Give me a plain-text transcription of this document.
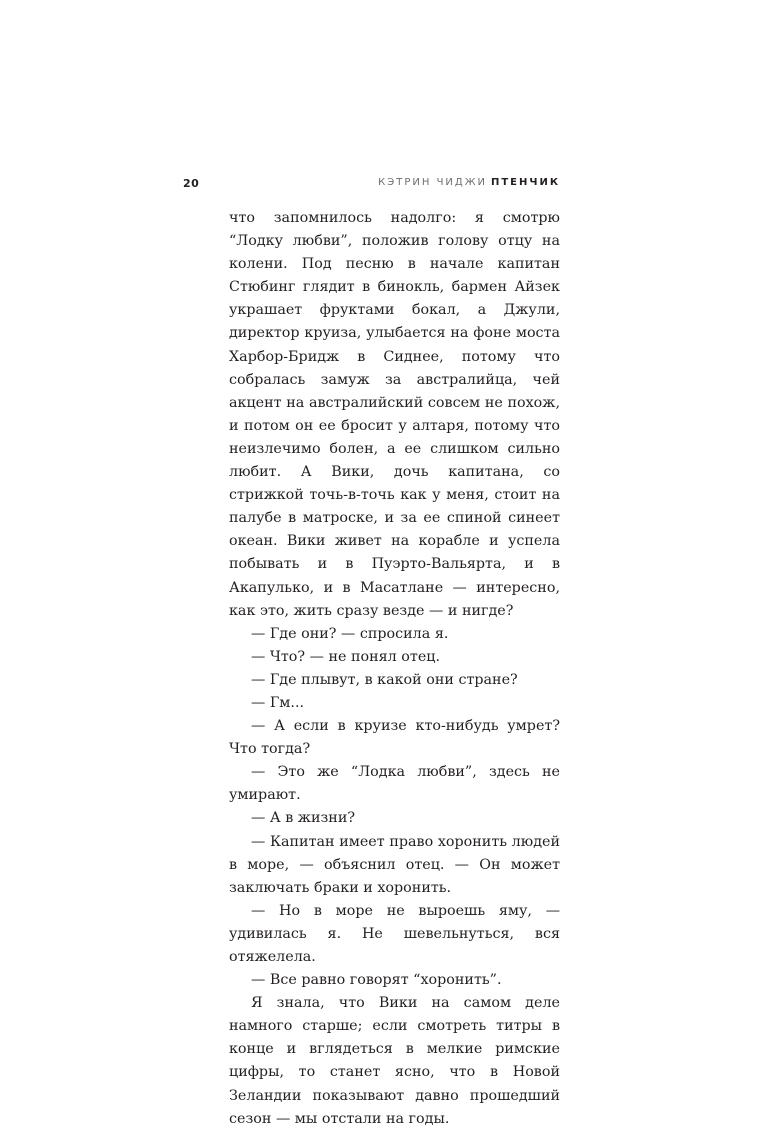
20	КЭТРИН ЧИДЖИ ПТЕНЧИК

что запомнилось надолго: я смотрю “Лодку любви”, положив голову отцу на колени. Под песню в начале капитан Стюбинг глядит в бинокль, бармен Айзек украшает фруктами бокал, а Джули, директор круиза, улыбается на фоне моста Харбор-Бридж в Сиднее, потому что собралась замуж за австралийца, чей акцент на австралийский совсем не похож, и потом он ее бросит у алтаря, потому что неизлечимо болен, а ее слишком сильно любит. А Вики, дочь капитана, со стрижкой точь-в-точь как у меня, стоит на палубе в матроске, и за ее спиной синеет океан. Вики живет на корабле и успела побывать и в Пуэрто-Вальярта, и в Акапулько, и в Масатлане — интересно, как это, жить сразу везде — и нигде?

— Где они? — спросила я.

— Что? — не понял отец.

— Где плывут, в какой они стране?

— Гм...

— А если в круизе кто-нибудь умрет? Что тогда?

— Это же “Лодка любви”, здесь не умирают.

— А в жизни?

— Капитан имеет право хоронить людей в море, — объяснил отец. — Он может заключать браки и хоронить.

— Но в море не выроешь яму, — удивилась я. Не шевельнуться, вся отяжелела.

— Все равно говорят “хоронить”.

Я знала, что Вики на самом деле намного старше; если смотреть титры в конце и вглядеться в мелкие римские цифры, то станет ясно, что в Новой Зеландии показывают давно прошедший сезон — мы отстали на годы.
